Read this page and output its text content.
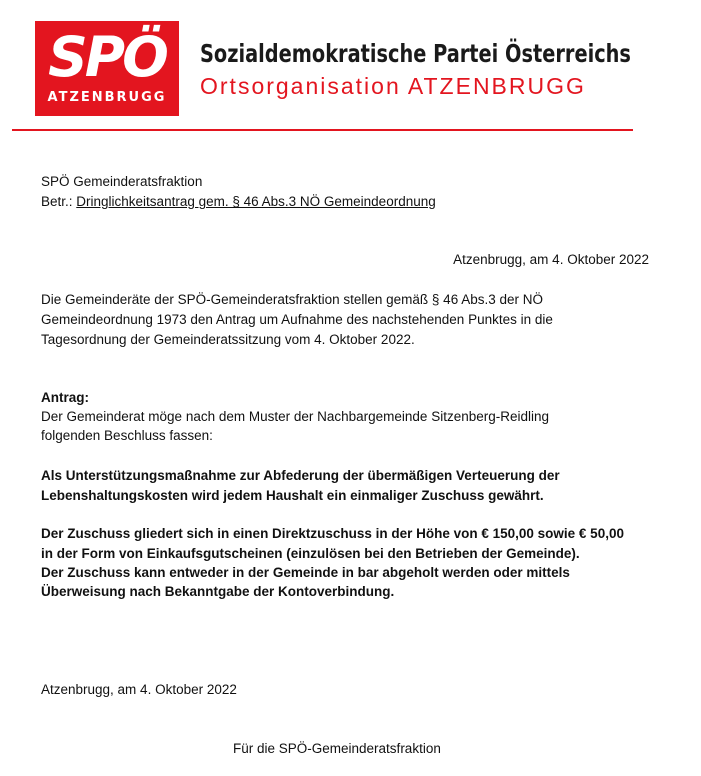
SPÖ
ATZENBRUGG
Sozialdemokratische Partei Österreichs
Ortsorganisation ATZENBRUGG
SPÖ Gemeinderatsfraktion
Betr.: Dringlichkeitsantrag gem. § 46 Abs.3 NÖ Gemeindeordnung
Atzenbrugg, am 4. Oktober 2022
Die Gemeinderäte der SPÖ-Gemeinderatsfraktion stellen gemäß § 46 Abs.3 der NÖ
Gemeindeordnung 1973 den Antrag um Aufnahme des nachstehenden Punktes in die
Tagesordnung der Gemeinderatssitzung vom 4. Oktober 2022.
Antrag:
Der Gemeinderat möge nach dem Muster der Nachbargemeinde Sitzenberg-Reidling
folgenden Beschluss fassen:
Als Unterstützungsmaßnahme zur Abfederung der übermäßigen Verteuerung der
Lebenshaltungskosten wird jedem Haushalt ein einmaliger Zuschuss gewährt.
Der Zuschuss gliedert sich in einen Direktzuschuss in der Höhe von € 150,00 sowie € 50,00
in der Form von Einkaufsgutscheinen (einzulösen bei den Betrieben der Gemeinde).
Der Zuschuss kann entweder in der Gemeinde in bar abgeholt werden oder mittels
Überweisung nach Bekanntgabe der Kontoverbindung.
Atzenbrugg, am 4. Oktober 2022
Für die SPÖ-Gemeinderatsfraktion
